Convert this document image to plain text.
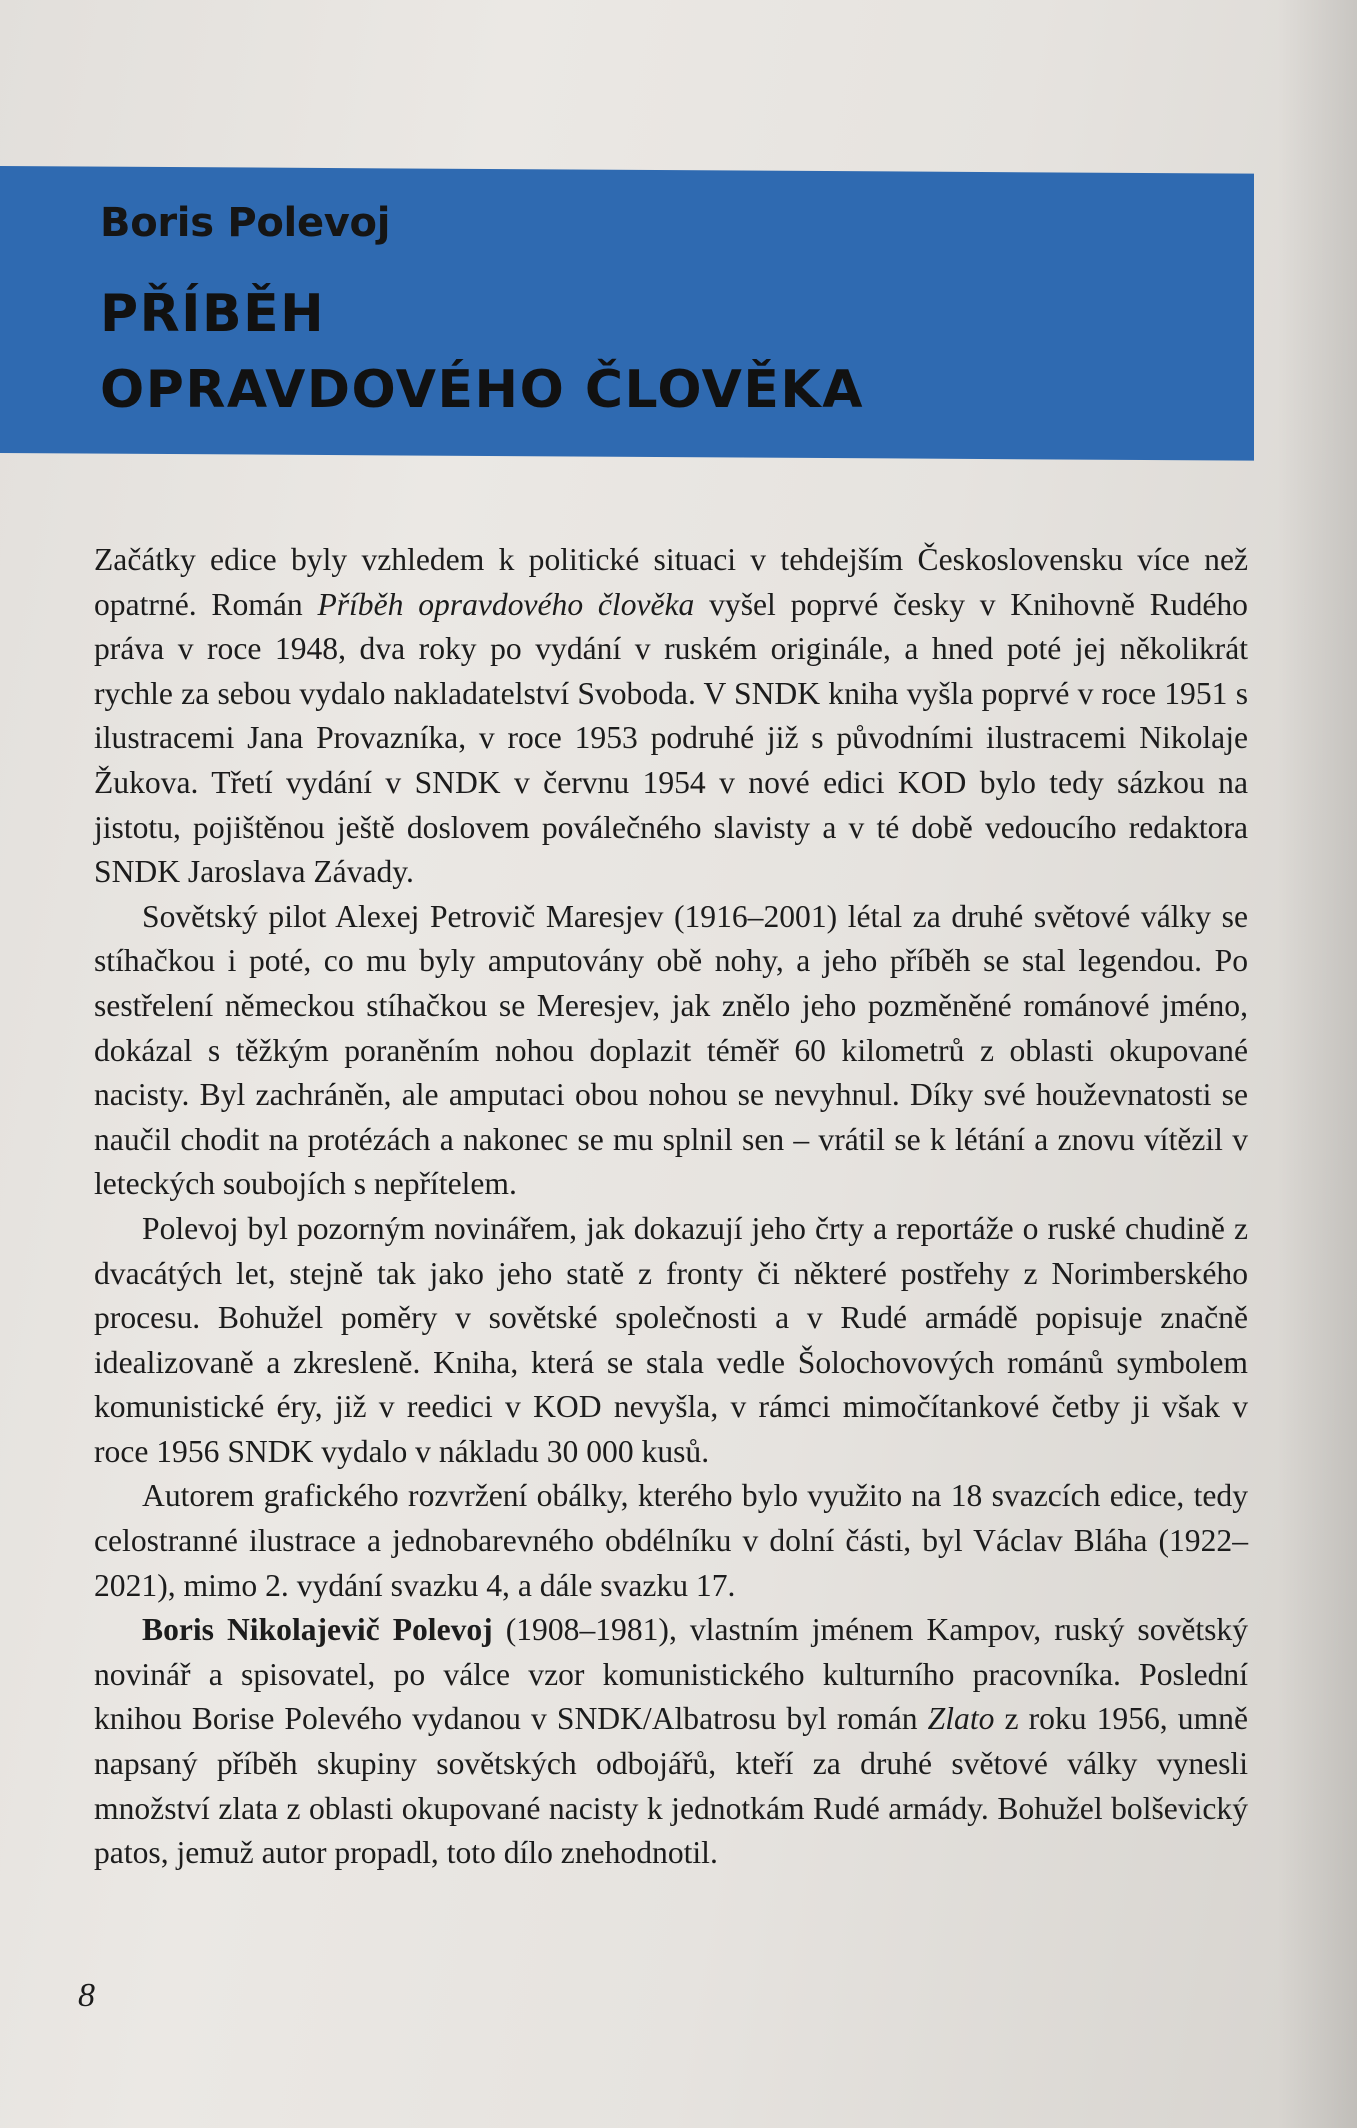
Boris Polevoj

PŘÍBĚH
OPRAVDOVÉHO ČLOVĚKA

Začátky edice byly vzhledem k politické situaci v tehdejším Československu více než opatrné. Román Příběh opravdového člověka vyšel poprvé česky v Knihovně Rudého práva v roce 1948, dva roky po vydání v ruském originále, a hned poté jej několikrát rychle za sebou vydalo nakladatelství Svoboda. V SNDK kniha vyšla poprvé v roce 1951 s ilustracemi Jana Provazníka, v roce 1953 podruhé již s původními ilustracemi Nikolaje Žukova. Třetí vydání v SNDK v červnu 1954 v nové edici KOD bylo tedy sázkou na jistotu, pojištěnou ještě doslovem poválečného slavisty a v té době vedoucího redaktora SNDK Jaroslava Závady.

Sovětský pilot Alexej Petrovič Maresjev (1916–2001) létal za druhé světové války se stíhačkou i poté, co mu byly amputovány obě nohy, a jeho příběh se stal legendou. Po sestřelení německou stíhačkou se Meresjev, jak znělo jeho pozměněné románové jméno, dokázal s těžkým poraněním nohou doplazit téměř 60 kilometrů z oblasti okupované nacisty. Byl zachráněn, ale amputaci obou nohou se nevyhnul. Díky své houževnatosti se naučil chodit na protézách a nakonec se mu splnil sen – vrátil se k létání a znovu vítězil v leteckých soubojích s nepřítelem.

Polevoj byl pozorným novinářem, jak dokazují jeho črty a reportáže o ruské chudině z dvacátých let, stejně tak jako jeho statě z fronty či některé postřehy z Norimberského procesu. Bohužel poměry v sovětské společnosti a v Rudé armádě popisuje značně idealizovaně a zkresleně. Kniha, která se stala vedle Šolochovových románů symbolem komunistické éry, již v reedici v KOD nevyšla, v rámci mimočítankové četby ji však v roce 1956 SNDK vydalo v nákladu 30 000 kusů.

Autorem grafického rozvržení obálky, kterého bylo využito na 18 svazcích edice, tedy celostranné ilustrace a jednobarevného obdélníku v dolní části, byl Václav Bláha (1922–2021), mimo 2. vydání svazku 4, a dále svazku 17.

Boris Nikolajevič Polevoj (1908–1981), vlastním jménem Kampov, ruský sovětský novinář a spisovatel, po válce vzor komunistického kulturního pracovníka. Poslední knihou Borise Polevého vydanou v SNDK/Albatrosu byl román Zlato z roku 1956, umně napsaný příběh skupiny sovětských odbojářů, kteří za druhé světové války vynesli množství zlata z oblasti okupované nacisty k jednotkám Rudé armády. Bohužel bolševický patos, jemuž autor propadl, toto dílo znehodnotil.

8
